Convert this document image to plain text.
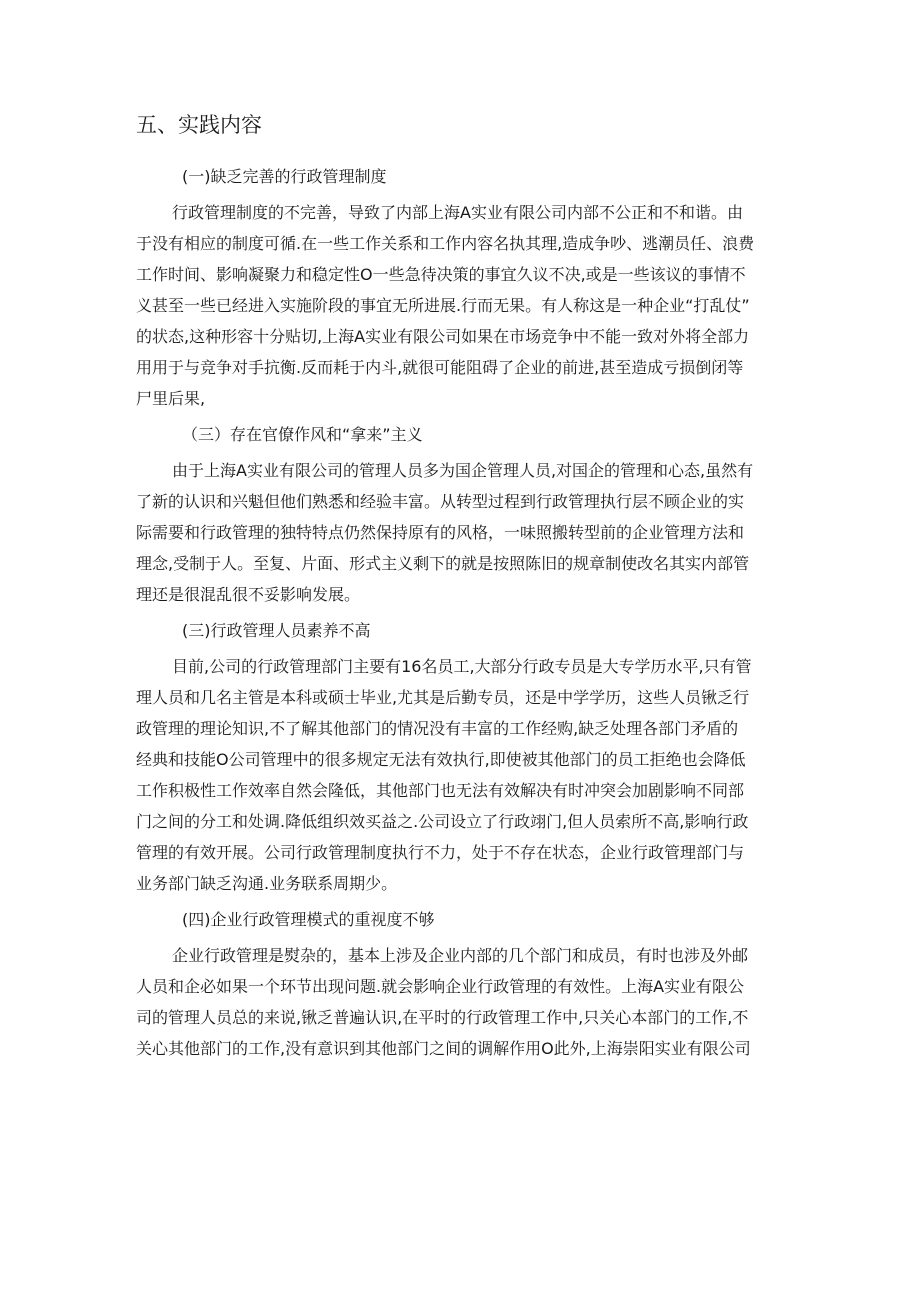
五、实践内容
(一)缺乏完善的行政管理制度
行政管理制度的不完善，导致了内部上海A实业有限公司内部不公正和不和谐。由
于没有相应的制度可循.在一些工作关系和工作内容名执其理,造成争吵、逃潮员任、浪费
工作时间、影响凝聚力和稳定性O一些急待决策的事宜久议不决,或是一些该议的事情不
义甚至一些已经进入实施阶段的事宜无所进展.行而无果。有人称这是一种企业“打乱仗”
的状态,这种形容十分贴切,上海A实业有限公司如果在市场竞争中不能一致对外将全部力
用用于与竞争对手抗衡.反而耗于内斗,就很可能阻碍了企业的前进,甚至造成亏损倒闭等
尸里后果,
（三）存在官僚作风和“拿来”主义
由于上海A实业有限公司的管理人员多为国企管理人员,对国企的管理和心态,虽然有
了新的认识和兴魁但他们熟悉和经验丰富。从转型过程到行政管理执行层不顾企业的实
际需要和行政管理的独特特点仍然保持原有的风格，一味照搬转型前的企业管理方法和
理念,受制于人。至复、片面、形式主义剩下的就是按照陈旧的规章制使改名其实内部管
理还是很混乱很不妥影响发展。
(三)行政管理人员素养不高
目前,公司的行政管理部门主要有16名员工,大部分行政专员是大专学历水平,只有管
理人员和几名主管是本科或硕士毕业,尤其是后勤专员，还是中学学历，这些人员锹乏行
政管理的理论知识,不了解其他部门的情况没有丰富的工作经购,缺乏处理各部门矛盾的
经典和技能O公司管理中的很多规定无法有效执行,即使被其他部门的员工拒绝也会降低
工作积极性工作效率自然会隆低，其他部门也无法有效解决有时冲突会加剧影响不同部
门之间的分工和处调.降低组织效买益之.公司设立了行政翊门,但人员索所不高,影响行政
管理的有效开展。公司行政管理制度执行不力，处于不存在状态，企业行政管理部门与
业务部门缺乏沟通.业务联系周期少。
(四)企业行政管理模式的重视度不够
企业行政管理是熨杂的，基本上涉及企业内部的几个部门和成员，有时也涉及外邮
人员和企必如果一个环节出现问题.就会影响企业行政管理的有效性。上海A实业有限公
司的管理人员总的来说,锹乏普遍认识,在平时的行政管理工作中,只关心本部门的工作,不
关心其他部门的工作,没有意识到其他部门之间的调解作用O此外,上海崇阳实业有限公司
